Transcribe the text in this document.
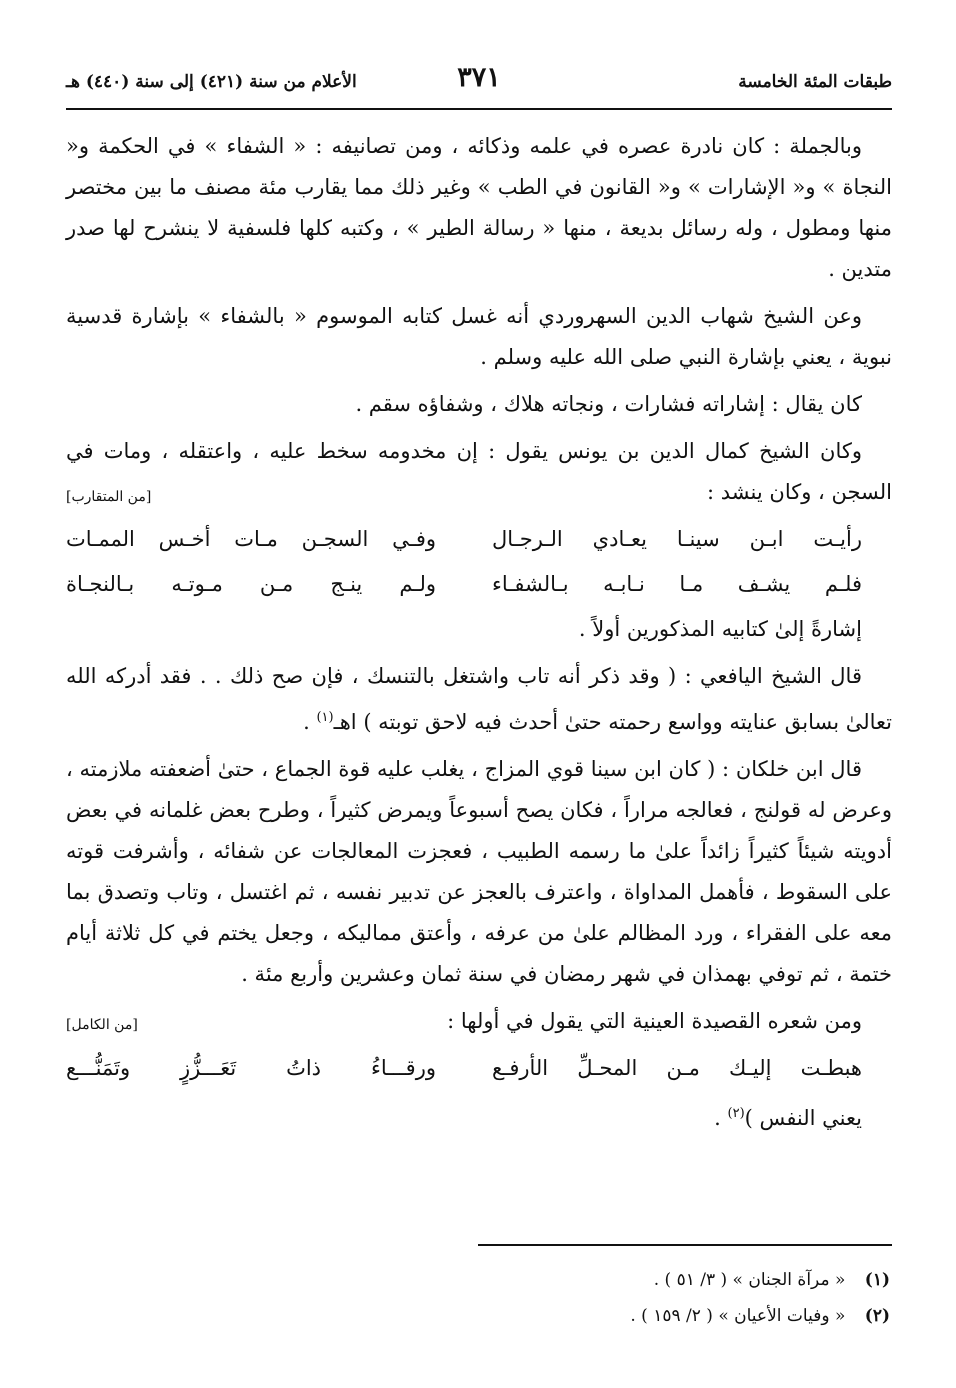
طبقات المئة الخامسة
٣٧١
الأعلام من سنة (٤٢١) إلى سنة (٤٤٠) هـ

وبالجملة : كان نادرة عصره في علمه وذكائه ، ومن تصانيفه : « الشفاء » في الحكمة و« النجاة » و« الإشارات » و« القانون في الطب » وغير ذلك مما يقارب مئة مصنف ما بين مختصر منها ومطول ، وله رسائل بديعة ، منها « رسالة الطير » ، وكتبه كلها فلسفية لا ينشرح لها صدر متدين .

وعن الشيخ شهاب الدين السهروردي أنه غسل كتابه الموسوم « بالشفاء » بإشارة قدسية نبوية ، يعني بإشارة النبي صلى الله عليه وسلم .

كان يقال : إشاراته فشارات ، ونجاته هلاك ، وشفاؤه سقم .

وكان الشيخ كمال الدين بن يونس يقول : إن مخدومه سخط عليه ، واعتقله ، ومات في السجن ، وكان ينشد :

[من المتقارب]
رأيـت ابـن سينـا يعـادي الـرجـال
وفـي السجـن مـات أخـس الممـات
فلـم يشـف مـا نـابـه بـالشفـاء
ولـم ينـج مـن مـوتـه بـالنجـاة

إشارةً إلىٰ كتابيه المذكورين أولاً .

قال الشيخ اليافعي : ( وقد ذكر أنه تاب واشتغل بالتنسك ، فإن صح ذلك . . فقد أدركه الله تعالىٰ بسابق عنايته وواسع رحمته حتىٰ أحدث فيه لاحق توبته ) اهـ$^{(١)}$ .

قال ابن خلكان : ( كان ابن سينا قوي المزاج ، يغلب عليه قوة الجماع ، حتىٰ أضعفته ملازمته ، وعرض له قولنج ، فعالجه مراراً ، فكان يصح أسبوعاً ويمرض كثيراً ، وطرح بعض غلمانه في بعض أدويته شيئاً كثيراً زائداً علىٰ ما رسمه الطبيب ، فعجزت المعالجات عن شفائه ، وأشرفت قوته على السقوط ، فأهمل المداواة ، واعترف بالعجز عن تدبير نفسه ، ثم اغتسل ، وتاب وتصدق بما معه على الفقراء ، ورد المظالم علىٰ من عرفه ، وأعتق مماليكه ، وجعل يختم في كل ثلاثة أيام ختمة ، ثم توفي بهمذان في شهر رمضان في سنة ثمان وعشرين وأربع مئة .

ومن شعره القصيدة العينية التي يقول في أولها :

[من الكامل]
هبطـت إليـك مـن المحـلِّ الأرفـع
ورقـــاءُ ذاتُ تَعَـــزُّزٍ وتَمَنُّـــع

يعني النفس )$^{(٢)}$ .

(١) « مرآة الجنان » ( ٣/ ٥١ ) .
(٢) « وفيات الأعيان » ( ٢/ ١٥٩ ) .
